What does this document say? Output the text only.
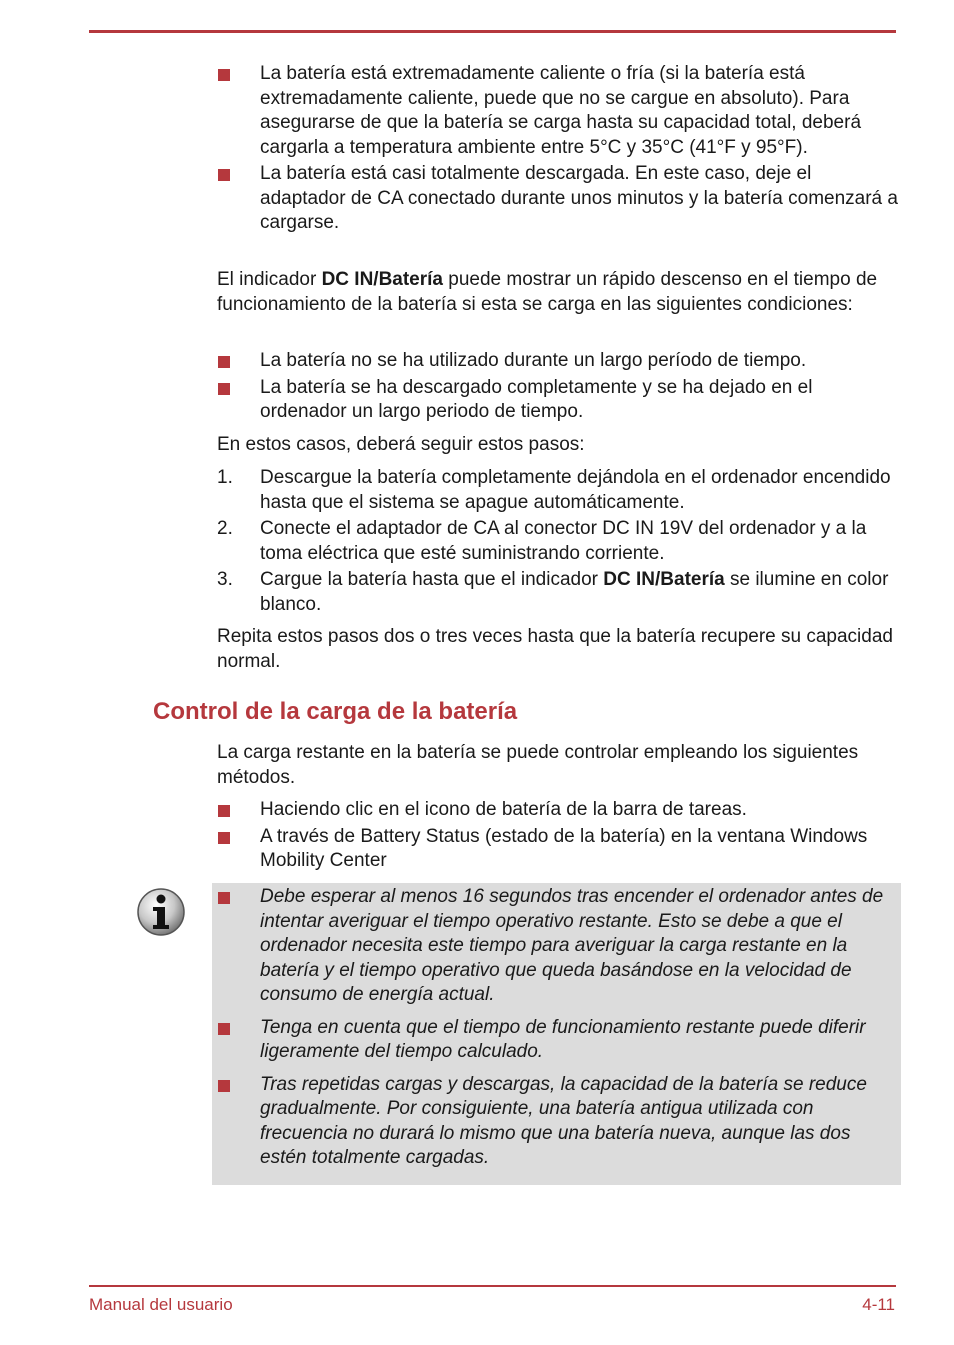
La batería está extremadamente caliente o fría (si la batería está extremadamente caliente, puede que no se cargue en absoluto). Para asegurarse de que la batería se carga hasta su capacidad total, deberá cargarla a temperatura ambiente entre 5°C y 35°C (41°F y 95°F).
La batería está casi totalmente descargada. En este caso, deje el adaptador de CA conectado durante unos minutos y la batería comenzará a cargarse.

El indicador DC IN/Batería puede mostrar un rápido descenso en el tiempo de funcionamiento de la batería si esta se carga en las siguientes condiciones:

La batería no se ha utilizado durante un largo período de tiempo.
La batería se ha descargado completamente y se ha dejado en el ordenador un largo periodo de tiempo.

En estos casos, deberá seguir estos pasos:

1. Descargue la batería completamente dejándola en el ordenador encendido hasta que el sistema se apague automáticamente.
2. Conecte el adaptador de CA al conector DC IN 19V del ordenador y a la toma eléctrica que esté suministrando corriente.
3. Cargue la batería hasta que el indicador DC IN/Batería se ilumine en color blanco.

Repita estos pasos dos o tres veces hasta que la batería recupere su capacidad normal.

Control de la carga de la batería

La carga restante en la batería se puede controlar empleando los siguientes métodos.

Haciendo clic en el icono de batería de la barra de tareas.
A través de Battery Status (estado de la batería) en la ventana Windows Mobility Center
Debe esperar al menos 16 segundos tras encender el ordenador antes de intentar averiguar el tiempo operativo restante. Esto se debe a que el ordenador necesita este tiempo para averiguar la carga restante en la batería y el tiempo operativo que queda basándose en la velocidad de consumo de energía actual.
Tenga en cuenta que el tiempo de funcionamiento restante puede diferir ligeramente del tiempo calculado.
Tras repetidas cargas y descargas, la capacidad de la batería se reduce gradualmente. Por consiguiente, una batería antigua utilizada con frecuencia no durará lo mismo que una batería nueva, aunque las dos estén totalmente cargadas.
Manual del usuario	4-11
